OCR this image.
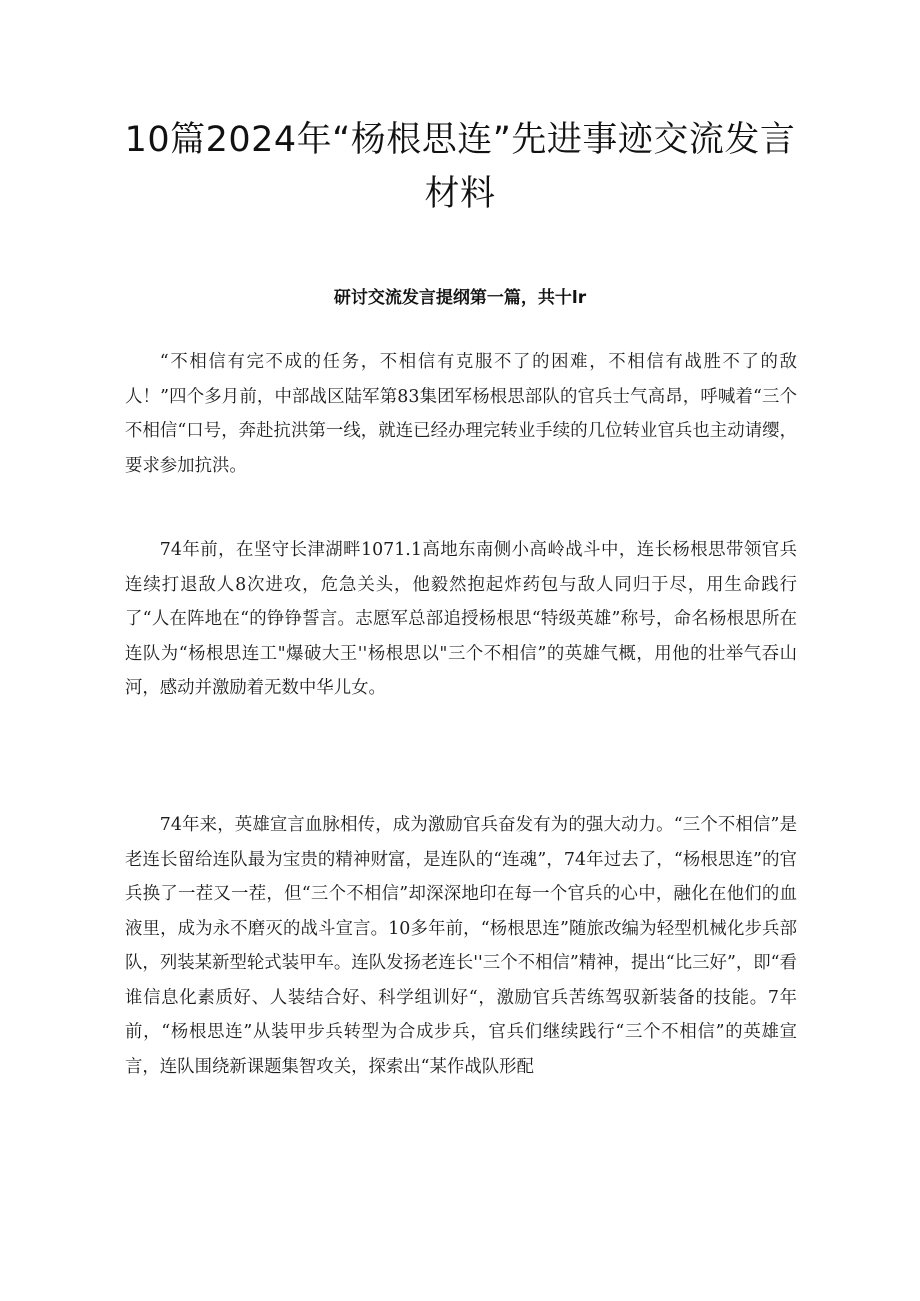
10篇2024年“杨根思连”先进事迹交流发言材料
研讨交流发言提纲第一篇，共十lr

“不相信有完不成的任务，不相信有克服不了的困难，不相信有战胜不了的敌人！”四个多月前，中部战区陆军第83集团军杨根思部队的官兵士气高昂，呼喊着“三个不相信“口号，奔赴抗洪第一线，就连已经办理完转业手续的几位转业官兵也主动请缨，要求参加抗洪。

74年前，在坚守长津湖畔1071.1高地东南侧小高岭战斗中，连长杨根思带领官兵连续打退敌人8次进攻，危急关头，他毅然抱起炸药包与敌人同归于尽，用生命践行了“人在阵地在“的铮铮誓言。志愿军总部追授杨根思“特级英雄”称号，命名杨根思所在连队为“杨根思连工"爆破大王''杨根思以"三个不相信”的英雄气概，用他的壮举气吞山河，感动并激励着无数中华儿女。

74年来，英雄宣言血脉相传，成为激励官兵奋发有为的强大动力。“三个不相信”是老连长留给连队最为宝贵的精神财富，是连队的“连魂”，74年过去了，“杨根思连”的官兵换了一茬又一茬，但“三个不相信”却深深地印在每一个官兵的心中，融化在他们的血液里，成为永不磨灭的战斗宣言。10多年前，“杨根思连”随旅改编为轻型机械化步兵部队，列装某新型轮式装甲车。连队发扬老连长''三个不相信”精神，提出“比三好”，即“看谁信息化素质好、人装结合好、科学组训好“，激励官兵苦练驾驭新装备的技能。7年前，“杨根思连”从装甲步兵转型为合成步兵，官兵们继续践行“三个不相信”的英雄宣言，连队围绕新课题集智攻关，探索出“某作战队形配
